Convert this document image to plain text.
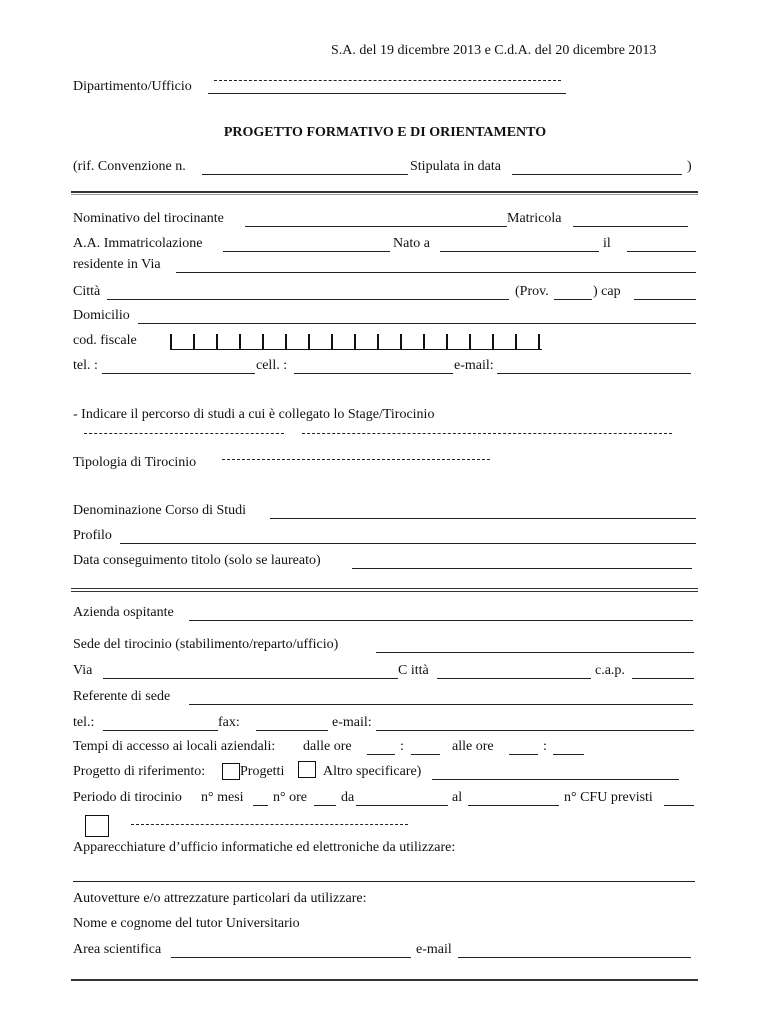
S.A. del 19 dicembre 2013 e C.d.A. del 20 dicembre 2013
Dipartimento/Ufficio
PROGETTO FORMATIVO E DI ORIENTAMENTO
(rif. Convenzione n.	Stipulata in data	)
Nominativo del tirocinante	Matricola
A.A. Immatricolazione	Nato a	il
residente in Via
Città	(Prov.	) cap
Domicilio
cod. fiscale
tel. :	cell. :	e-mail:
- Indicare il percorso di studi a cui è collegato lo Stage/Tirocinio
Tipologia di Tirocinio
Denominazione Corso di Studi
Profilo
Data conseguimento titolo (solo se laureato)
Azienda ospitante
Sede del tirocinio (stabilimento/reparto/ufficio)
Via	C ittà	c.a.p.
Referente di sede
tel.:	fax:	e-mail:
Tempi di accesso ai locali aziendali: dalle ore	:	alle ore	:
Progetto di riferimento: Progetti	Altro specificare)
Periodo di tirocinio n° mesi n° ore da	al	n° CFU previsti
Apparecchiature d’ufficio informatiche ed elettroniche da utilizzare:
Autovetture e/o attrezzature particolari da utilizzare:
Nome e cognome del tutor Universitario
Area scientifica	e-mail
